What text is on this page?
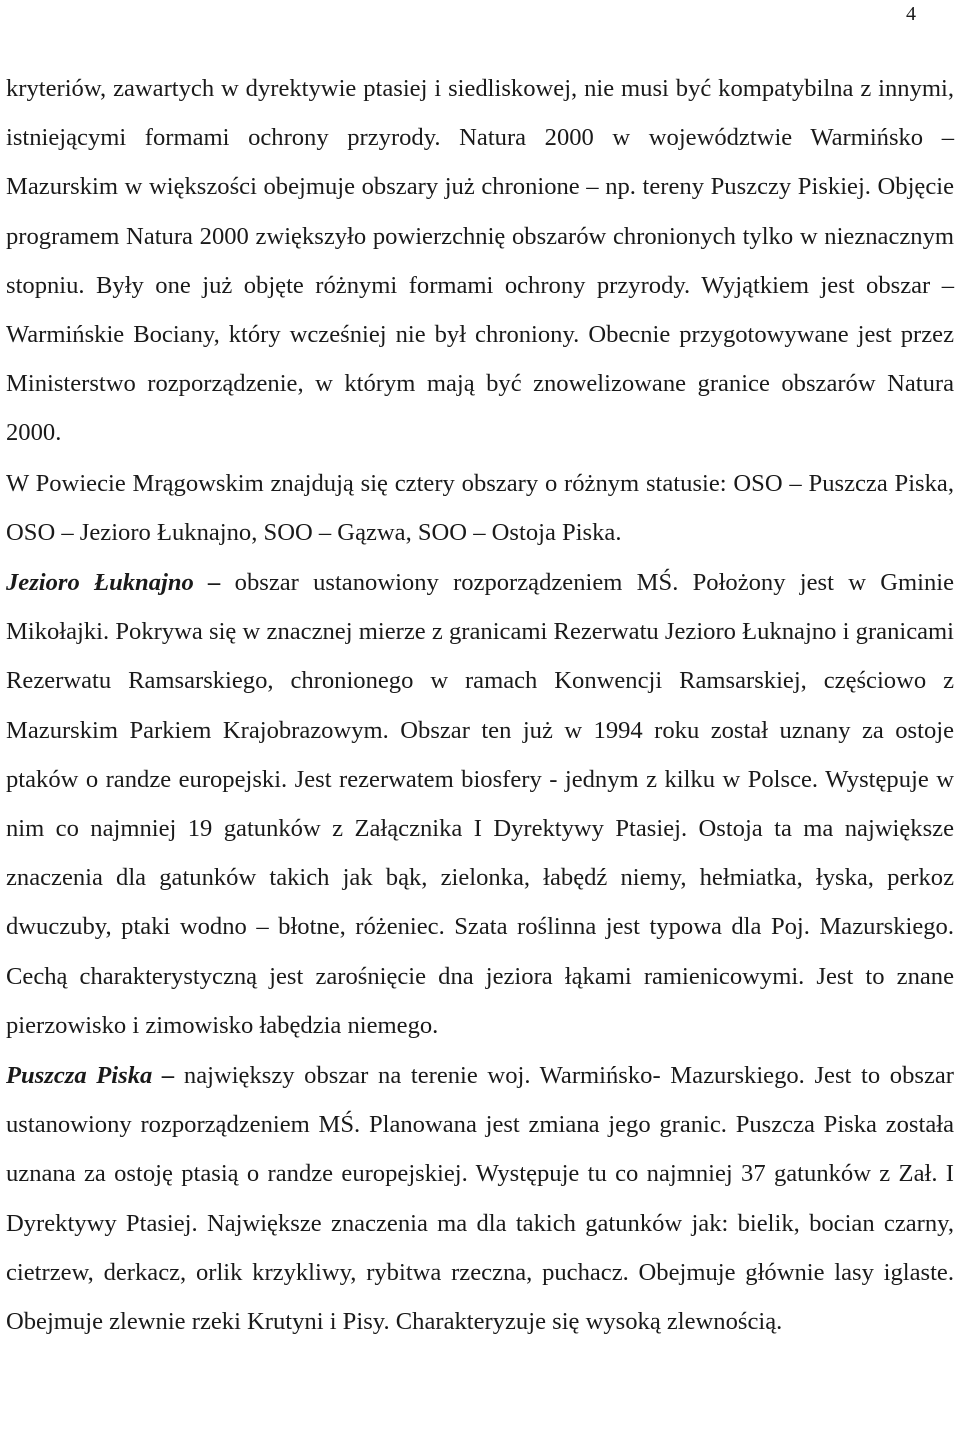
4

kryteriów, zawartych w dyrektywie ptasiej i siedliskowej, nie musi być kompatybilna z innymi, istniejącymi formami ochrony przyrody. Natura 2000 w województwie Warmińsko – Mazurskim w większości obejmuje obszary już chronione – np. tereny Puszczy Piskiej. Objęcie programem Natura 2000 zwiększyło powierzchnię obszarów chronionych tylko w nieznacznym stopniu. Były one już objęte różnymi formami ochrony przyrody. Wyjątkiem jest obszar – Warmińskie Bociany, który wcześniej nie był chroniony. Obecnie przygotowywane jest przez Ministerstwo rozporządzenie, w którym mają być znowelizowane granice obszarów Natura 2000.

W Powiecie Mrągowskim znajdują się cztery obszary o różnym statusie: OSO – Puszcza Piska, OSO – Jezioro Łuknajno, SOO – Gązwa, SOO – Ostoja Piska.

Jezioro Łuknajno – obszar ustanowiony rozporządzeniem MŚ. Położony jest w Gminie Mikołajki. Pokrywa się w znacznej mierze z granicami Rezerwatu Jezioro Łuknajno i granicami Rezerwatu Ramsarskiego, chronionego w ramach Konwencji Ramsarskiej, częściowo z Mazurskim Parkiem Krajobrazowym. Obszar ten już w 1994 roku został uznany za ostoje ptaków o randze europejski. Jest rezerwatem biosfery - jednym z kilku w Polsce. Występuje w nim co najmniej 19 gatunków z Załącznika I Dyrektywy Ptasiej. Ostoja ta ma największe znaczenia dla gatunków takich jak bąk, zielonka, łabędź niemy, hełmiatka, łyska, perkoz dwuczuby, ptaki wodno – błotne, różeniec. Szata roślinna jest typowa dla Poj. Mazurskiego. Cechą charakterystyczną jest zarośnięcie dna jeziora łąkami ramienicowymi. Jest to znane pierzowisko i zimowisko łabędzia niemego.

Puszcza Piska – największy obszar na terenie woj. Warmińsko- Mazurskiego. Jest to obszar ustanowiony rozporządzeniem MŚ. Planowana jest zmiana jego granic. Puszcza Piska została uznana za ostoję ptasią o randze europejskiej. Występuje tu co najmniej 37 gatunków z Zał. I Dyrektywy Ptasiej. Największe znaczenia ma dla takich gatunków jak: bielik, bocian czarny, cietrzew, derkacz, orlik krzykliwy, rybitwa rzeczna, puchacz. Obejmuje głównie lasy iglaste. Obejmuje zlewnie rzeki Krutyni i Pisy. Charakteryzuje się wysoką zlewnością.
